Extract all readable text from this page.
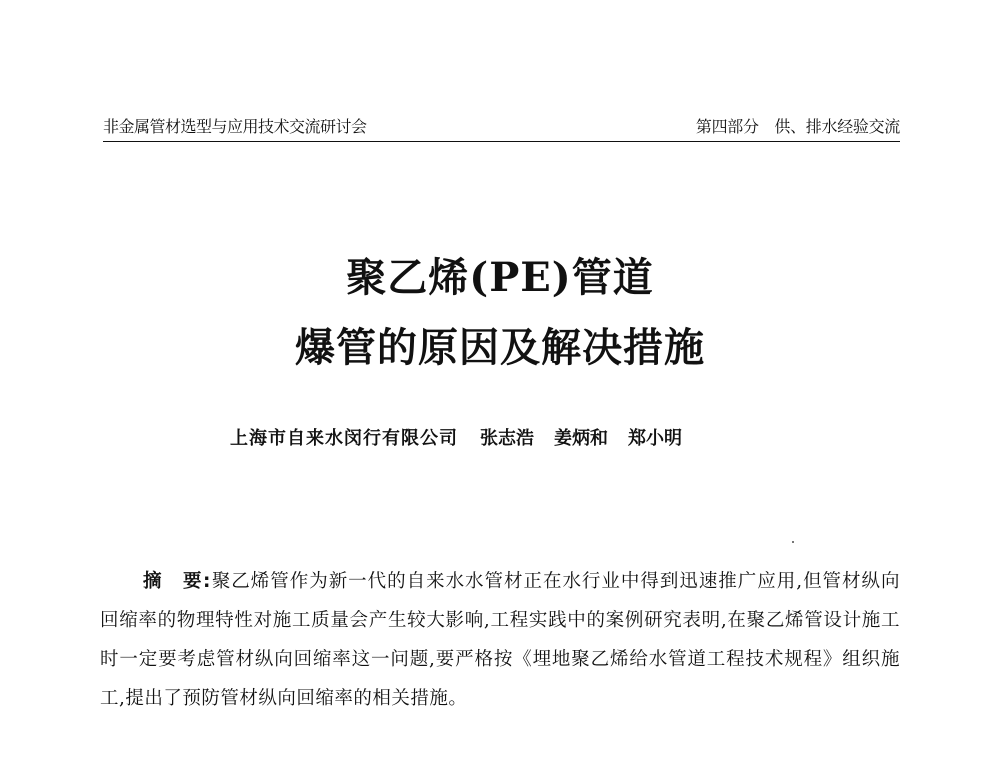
非金属管材选型与应用技术交流研讨会	第四部分　供、排水经验交流
聚乙烯(PE)管道
爆管的原因及解决措施
上海市自来水闵行有限公司 张志浩 姜炳和 郑小明
摘　要:聚乙烯管作为新一代的自来水水管材正在水行业中得到迅速推广应用,但管材纵向回缩率的物理特性对施工质量会产生较大影响,工程实践中的案例研究表明,在聚乙烯管设计施工时一定要考虑管材纵向回缩率这一问题,要严格按《埋地聚乙烯给水管道工程技术规程》组织施工,提出了预防管材纵向回缩率的相关措施。
